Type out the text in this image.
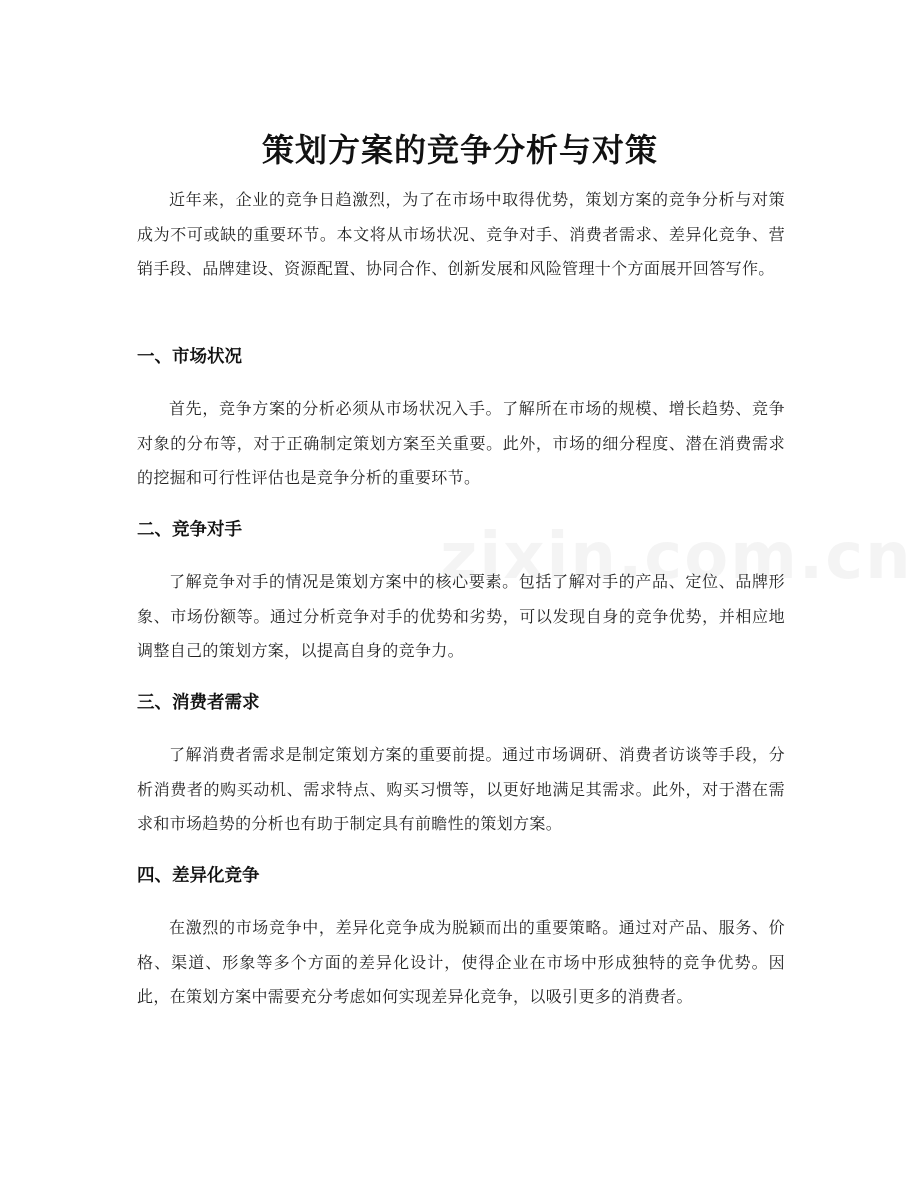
策划方案的竞争分析与对策

近年来，企业的竞争日趋激烈，为了在市场中取得优势，策划方案的竞争分析与对策成为不可或缺的重要环节。本文将从市场状况、竞争对手、消费者需求、差异化竞争、营销手段、品牌建设、资源配置、协同合作、创新发展和风险管理十个方面展开回答写作。

一、市场状况

首先，竞争方案的分析必须从市场状况入手。了解所在市场的规模、增长趋势、竞争对象的分布等，对于正确制定策划方案至关重要。此外，市场的细分程度、潜在消费需求的挖掘和可行性评估也是竞争分析的重要环节。

二、竞争对手

了解竞争对手的情况是策划方案中的核心要素。包括了解对手的产品、定位、品牌形象、市场份额等。通过分析竞争对手的优势和劣势，可以发现自身的竞争优势，并相应地调整自己的策划方案，以提高自身的竞争力。

三、消费者需求

了解消费者需求是制定策划方案的重要前提。通过市场调研、消费者访谈等手段，分析消费者的购买动机、需求特点、购买习惯等，以更好地满足其需求。此外，对于潜在需求和市场趋势的分析也有助于制定具有前瞻性的策划方案。

四、差异化竞争

在激烈的市场竞争中，差异化竞争成为脱颖而出的重要策略。通过对产品、服务、价格、渠道、形象等多个方面的差异化设计，使得企业在市场中形成独特的竞争优势。因此，在策划方案中需要充分考虑如何实现差异化竞争，以吸引更多的消费者。
